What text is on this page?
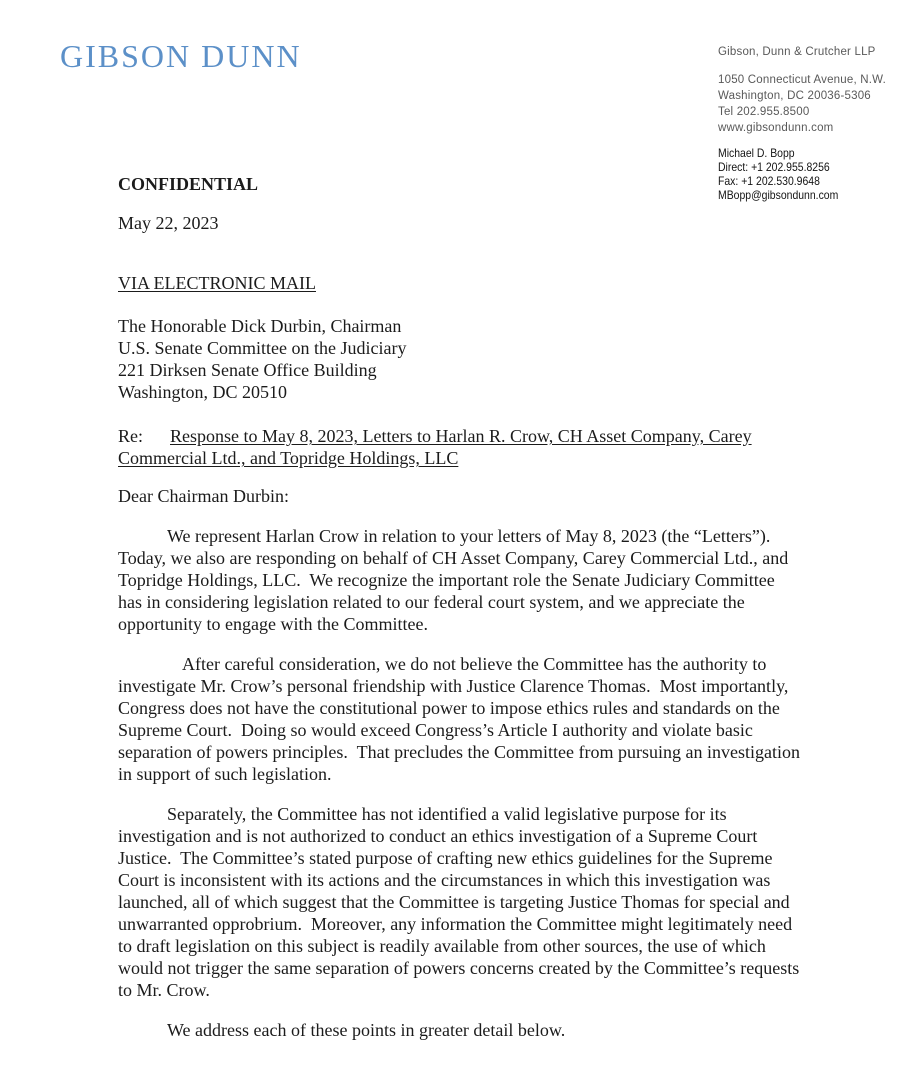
GIBSON DUNN	Gibson, Dunn & Crutcher LLP
1050 Connecticut Avenue, N.W.
Washington, DC 20036-5306
Tel 202.955.8500
www.gibsondunn.com
Michael D. Bopp
Direct: +1 202.955.8256
Fax: +1 202.530.9648
MBopp@gibsondunn.com
CONFIDENTIAL
May 22, 2023
VIA ELECTRONIC MAIL
The Honorable Dick Durbin, Chairman
U.S. Senate Committee on the Judiciary
221 Dirksen Senate Office Building
Washington, DC 20510
Re: Response to May 8, 2023, Letters to Harlan R. Crow, CH Asset Company, Carey Commercial Ltd., and Topridge Holdings, LLC
Dear Chairman Durbin:

We represent Harlan Crow in relation to your letters of May 8, 2023 (the “Letters”).  Today, we also are responding on behalf of CH Asset Company, Carey Commercial Ltd., and Topridge Holdings, LLC.  We recognize the important role the Senate Judiciary Committee has in considering legislation related to our federal court system, and we appreciate the opportunity to engage with the Committee.

After careful consideration, we do not believe the Committee has the authority to investigate Mr. Crow’s personal friendship with Justice Clarence Thomas.  Most importantly, Congress does not have the constitutional power to impose ethics rules and standards on the Supreme Court.  Doing so would exceed Congress’s Article I authority and violate basic separation of powers principles.  That precludes the Committee from pursuing an investigation in support of such legislation.

Separately, the Committee has not identified a valid legislative purpose for its investigation and is not authorized to conduct an ethics investigation of a Supreme Court Justice.  The Committee’s stated purpose of crafting new ethics guidelines for the Supreme Court is inconsistent with its actions and the circumstances in which this investigation was launched, all of which suggest that the Committee is targeting Justice Thomas for special and unwarranted opprobrium.  Moreover, any information the Committee might legitimately need to draft legislation on this subject is readily available from other sources, the use of which would not trigger the same separation of powers concerns created by the Committee’s requests to Mr. Crow.

We address each of these points in greater detail below.
